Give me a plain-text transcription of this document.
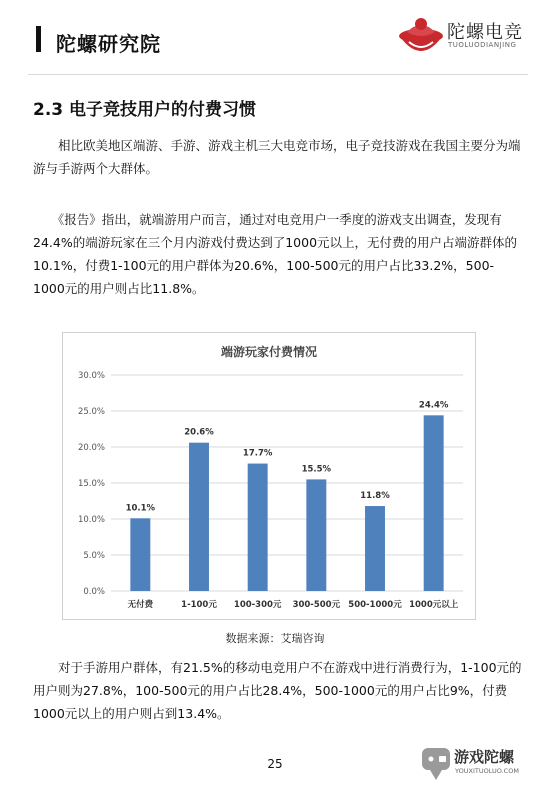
陀螺研究院	陀螺电竞
TUOLUODIANJING
2.3 电子竞技用户的付费习惯
　　相比欧美地区端游、手游、游戏主机三大电竞市场，电子竞技游戏在我国主要分为端游与手游两个大群体。
　　《报告》指出，就端游用户而言，通过对电竞用户一季度的游戏支出调查，发现有24.4%的端游玩家在三个月内游戏付费达到了1000元以上，无付费的用户占端游群体的10.1%，付费1-100元的用户群体为20.6%，100-500元的用户占比33.2%，500-1000元的用户则占比11.8%。
端游玩家付费情况
0.0%
5.0%
10.0%
15.0%
20.0%
25.0%
30.0%
10.1%
无付费
20.6%
1-100元
17.7%
100-300元
15.5%
300-500元
11.8%
500-1000元
24.4%
1000元以上
数据来源：艾瑞咨询
　　对于手游用户群体，有21.5%的移动电竞用户不在游戏中进行消费行为，1-100元的用户则为27.8%，100-500元的用户占比28.4%，500-1000元的用户占比9%，付费1000元以上的用户则占到13.4%。
25	游戏陀螺
YOUXITUOLUO.COM
